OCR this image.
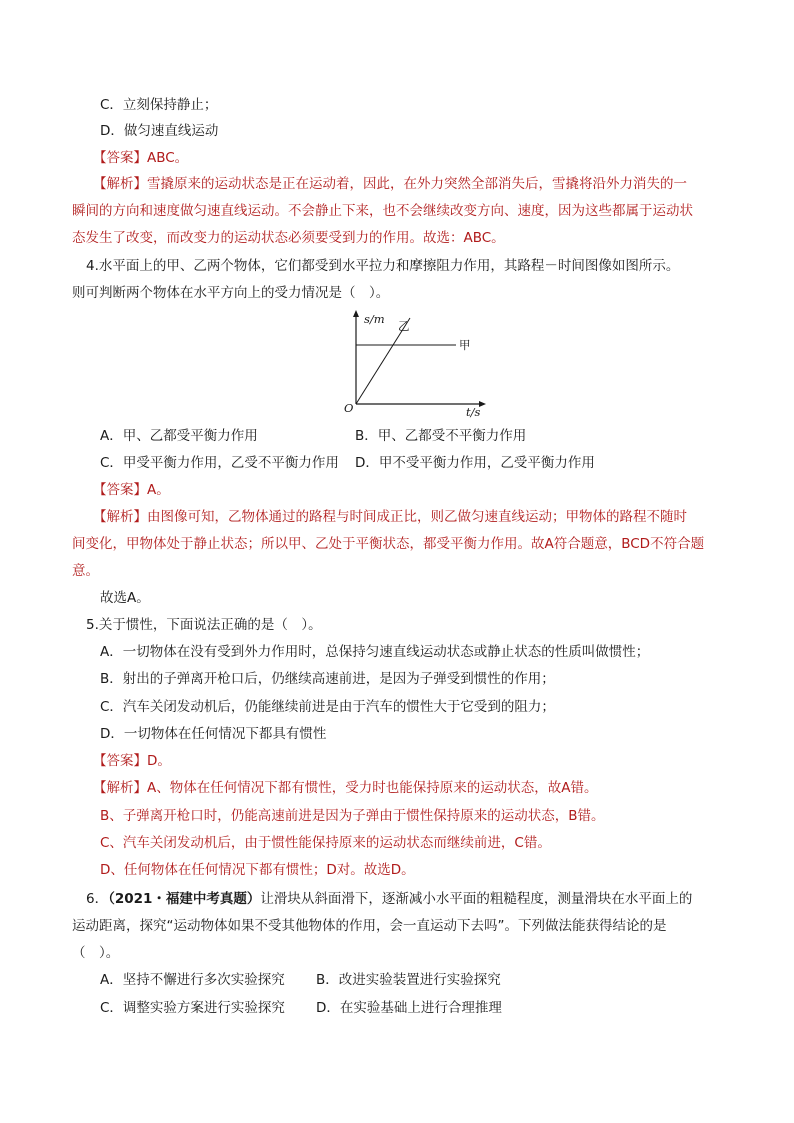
C．立刻保持静止；
D．做匀速直线运动
【答案】ABC。
【解析】雪撬原来的运动状态是正在运动着，因此，在外力突然全部消失后，雪撬将沿外力消失的一
瞬间的方向和速度做匀速直线运动。不会静止下来，也不会继续改变方向、速度，因为这些都属于运动状
态发生了改变，而改变力的运动状态必须要受到力的作用。故选：ABC。
4.水平面上的甲、乙两个物体，它们都受到水平拉力和摩擦阻力作用，其路程－时间图像如图所示。
则可判断两个物体在水平方向上的受力情况是（　）。
s/m 乙
甲
O	t/s
A．甲、乙都受平衡力作用	B．甲、乙都受不平衡力作用
C．甲受平衡力作用，乙受不平衡力作用 D．甲不受平衡力作用，乙受平衡力作用
【答案】A。
【解析】由图像可知，乙物体通过的路程与时间成正比，则乙做匀速直线运动；甲物体的路程不随时
间变化，甲物体处于静止状态；所以甲、乙处于平衡状态，都受平衡力作用。故A符合题意，BCD不符合题
意。
故选A。
5.关于惯性，下面说法正确的是（　）。
A．一切物体在没有受到外力作用时，总保持匀速直线运动状态或静止状态的性质叫做惯性；
B．射出的子弹离开枪口后，仍继续高速前进，是因为子弹受到惯性的作用；
C．汽车关闭发动机后，仍能继续前进是由于汽车的惯性大于它受到的阻力；
D．一切物体在任何情况下都具有惯性
【答案】D。
【解析】A、物体在任何情况下都有惯性，受力时也能保持原来的运动状态，故A错。
B、子弹离开枪口时，仍能高速前进是因为子弹由于惯性保持原来的运动状态，B错。
C、汽车关闭发动机后，由于惯性能保持原来的运动状态而继续前进，C错。
D、任何物体在任何情况下都有惯性；D对。故选D。
6．（2021・福建中考真题）让滑块从斜面滑下，逐渐减小水平面的粗糙程度，测量滑块在水平面上的
运动距离，探究“运动物体如果不受其他物体的作用，会一直运动下去吗”。下列做法能获得结论的是
（　）。
A．坚持不懈进行多次实验探究 B．改进实验装置进行实验探究
C．调整实验方案进行实验探究 D．在实验基础上进行合理推理
